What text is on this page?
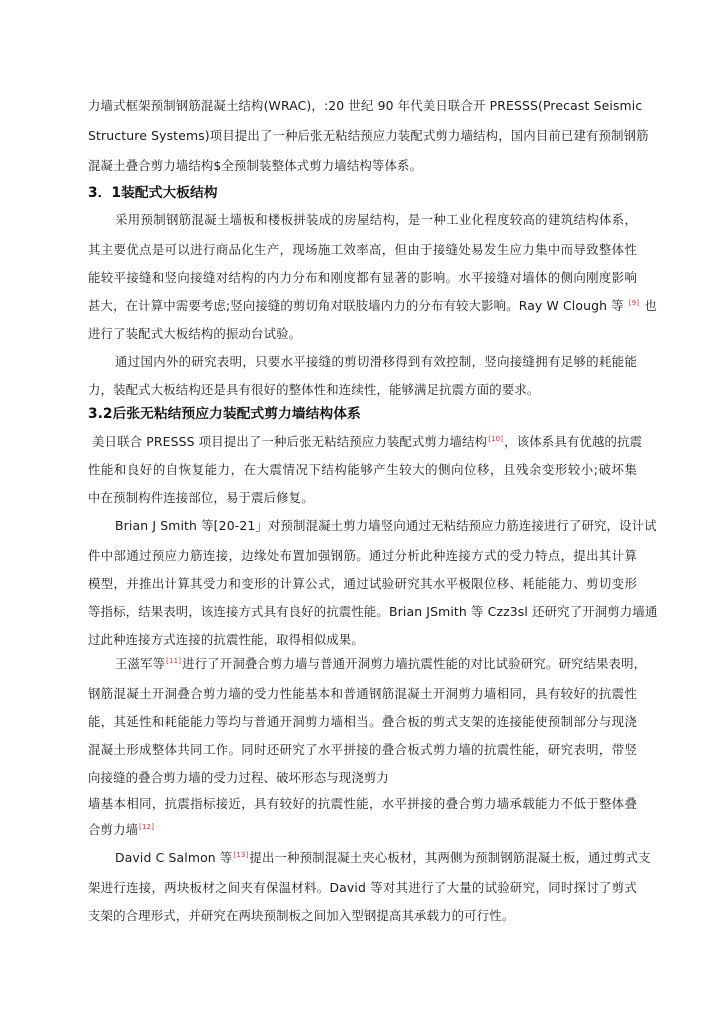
力墙式框架预制钢筋混凝土结构(WRAC)，:20 世纪 90 年代美日联合开 PRESSS(Precast Seismic
Structure Systems)项目提出了一种后张无粘结预应力装配式剪力墙结构，国内目前已建有预制钢筋
混凝土叠合剪力墙结构$全预制装整体式剪力墙结构等体系。
3．1装配式大板结构
采用预制钢筋混凝土墙板和楼板拼装成的房屋结构，是一种工业化程度较高的建筑结构体系，
其主要优点是可以进行商品化生产，现场施工效率高，但由于接缝处易发生应力集中而导致整体性
能较平接缝和竖向接缝对结构的内力分布和刚度都有显著的影响。水平接缝对墙体的侧向刚度影响
甚大，在计算中需要考虑;竖向接缝的剪切角对联肢墙内力的分布有较大影响。Ray W Clough 等 [9] 也
进行了装配式大板结构的振动台试验。
通过国内外的研究表明，只要水平接缝的剪切滑移得到有效控制，竖向接缝拥有足够的耗能能
力，装配式大板结构还是具有很好的整体性和连续性，能够满足抗震方面的要求。
3.2后张无粘结预应力装配式剪力墙结构体系
美日联合 PRESSS 项目提出了一种后张无粘结预应力装配式剪力墙结构[10]，该体系具有优越的抗震
性能和良好的自恢复能力，在大震情况下结构能够产生较大的侧向位移，且残余变形较小;破坏集
中在预制构件连接部位，易于震后修复。
Brian J Smith 等[20-21」对预制混凝土剪力墙竖向通过无粘结预应力筋连接进行了研究，设计试
件中部通过预应力筋连接，边缘处布置加强钢筋。通过分析此种连接方式的受力特点，提出其计算
模型，并推出计算其受力和变形的计算公式，通过试验研究其水平极限位移、耗能能力、剪切变形
等指标，结果表明，该连接方式具有良好的抗震性能。Brian JSmith 等 Czz3sl 还研究了开洞剪力墙通
过此种连接方式连接的抗震性能，取得相似成果。
王滋军等[11]进行了开洞叠合剪力墙与普通开洞剪力墙抗震性能的对比试验研究。研究结果表明，
钢筋混凝土开洞叠合剪力墙的受力性能基本和普通钢筋混凝土开洞剪力墙相同，具有较好的抗震性
能，其延性和耗能能力等均与普通开洞剪力墙相当。叠合板的剪式支架的连接能使预制部分与现浇
混凝土形成整体共同工作。同时还研究了水平拼接的叠合板式剪力墙的抗震性能，研究表明，带竖
向接缝的叠合剪力墙的受力过程、破坏形态与现浇剪力
墙基本相同，抗震指标接近，具有较好的抗震性能，水平拼接的叠合剪力墙承载能力不低于整体叠
合剪力墙[12]
David C Salmon 等[13]提出一种预制混凝土夹心板材，其两侧为预制钢筋混凝土板，通过剪式支
架进行连接，两块板材之间夹有保温材料。David 等对其进行了大量的试验研究，同时探讨了剪式
支架的合理形式，并研究在两块预制板之间加入型钢提高其承载力的可行性。
